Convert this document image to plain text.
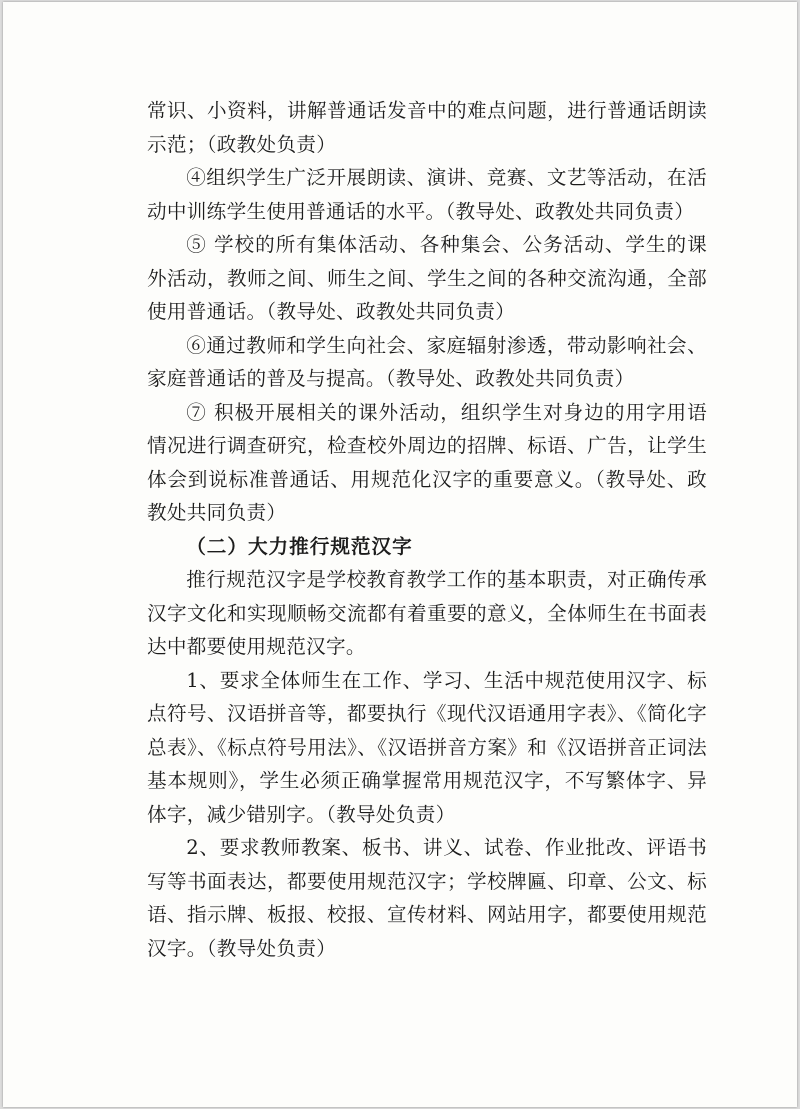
常识、小资料，讲解普通话发音中的难点问题，进行普通话朗读示范；（政教处负责）

④组织学生广泛开展朗读、演讲、竞赛、文艺等活动，在活动中训练学生使用普通话的水平。（教导处、政教处共同负责）

⑤ 学校的所有集体活动、各种集会、公务活动、学生的课外活动，教师之间、师生之间、学生之间的各种交流沟通，全部使用普通话。（教导处、政教处共同负责）

⑥通过教师和学生向社会、家庭辐射渗透，带动影响社会、家庭普通话的普及与提高。（教导处、政教处共同负责）

⑦ 积极开展相关的课外活动，组织学生对身边的用字用语情况进行调查研究，检查校外周边的招牌、标语、广告，让学生体会到说标准普通话、用规范化汉字的重要意义。（教导处、政教处共同负责）

（二）大力推行规范汉字

推行规范汉字是学校教育教学工作的基本职责，对正确传承汉字文化和实现顺畅交流都有着重要的意义，全体师生在书面表达中都要使用规范汉字。

1、要求全体师生在工作、学习、生活中规范使用汉字、标点符号、汉语拼音等，都要执行《现代汉语通用字表》、《简化字总表》、《标点符号用法》、《汉语拼音方案》和《汉语拼音正词法基本规则》，学生必须正确掌握常用规范汉字，不写繁体字、异体字，减少错别字。（教导处负责）

2、要求教师教案、板书、讲义、试卷、作业批改、评语书写等书面表达，都要使用规范汉字；学校牌匾、印章、公文、标语、指示牌、板报、校报、宣传材料、网站用字，都要使用规范汉字。（教导处负责）
